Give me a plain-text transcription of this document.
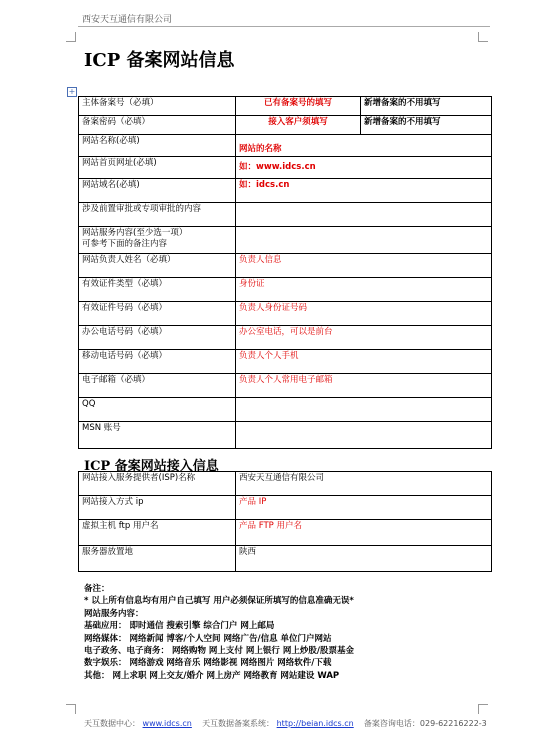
西安天互通信有限公司
ICP 备案网站信息
+
主体备案号（必填）	已有备案号的填写	新增备案的不用填写
备案密码（必填）	接入客户须填写	新增备案的不用填写
网站名称(必填)	网站的名称	
网站首页网址(必填)	如：www.idcs.cn	
网站域名(必填)	如：idcs.cn	
涉及前置审批或专项审批的内容		

网站服务内容(至少选一项）
可参考下面的备注内容		

网站负责人姓名（必填）	负责人信息	
有效证件类型（必填）	身份证	
有效证件号码（必填）	负责人身份证号码	
办公电话号码（必填）	办公室电话，可以是前台	
移动电话号码（必填）	负责人个人手机	
电子邮箱（必填）	负责人个人常用电子邮箱	
QQ		
MSN 账号		
ICP 备案网站接入信息
网站接入服务提供者(ISP)名称	西安天互通信有限公司
网站接入方式 ip	产品 IP
虚拟主机 ftp 用户名	产品 FTP 用户名
服务器放置地	陕西
备注：
* 以上所有信息均有用户自己填写 用户必须保证所填写的信息准确无误*
网站服务内容：
基础应用： 即时通信 搜索引擎 综合门户 网上邮局
网络媒体： 网络新闻 博客/个人空间 网络广告/信息 单位门户网站
电子政务、电子商务： 网络购物 网上支付 网上银行 网上炒股/股票基金
数字娱乐： 网络游戏 网络音乐 网络影视 网络图片 网络软件/下载
其他： 网上求职 网上交友/婚介 网上房产 网络教育 网站建设 WAP
天互数据中心： www.idcs.cn 天互数据备案系统： http://beian.idcs.cn 备案咨询电话：029-62216222-3
